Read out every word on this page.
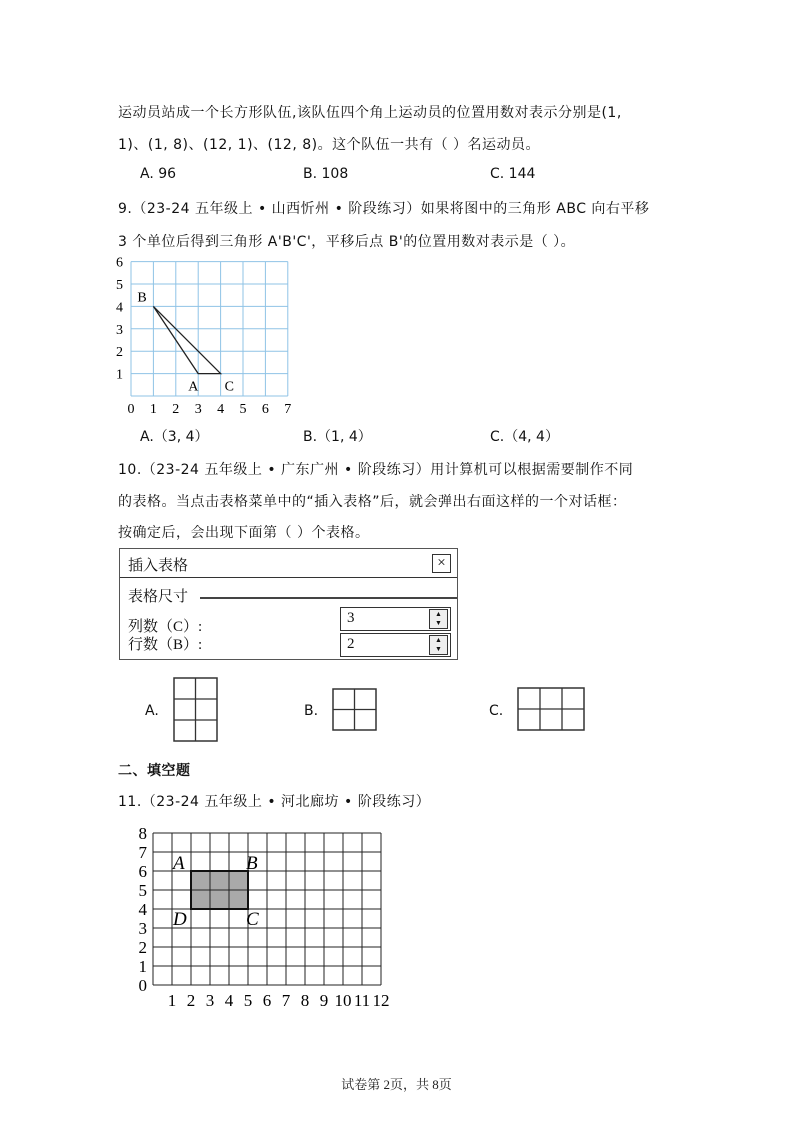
运动员站成一个长方形队伍,该队伍四个角上运动员的位置用数对表示分别是(1,
1)、(1, 8)、(12, 1)、(12, 8)。这个队伍一共有（ ）名运动员。
A. 96	B. 108	C. 144
9.（23-24 五年级上 • 山西忻州 • 阶段练习）如果将图中的三角形 ABC 向右平移
3 个单位后得到三角形 A'B'C'，平移后点 B'的位置用数对表示是（ ）。
0 1 2 3 4 5 6 7
1
2
3
4
5
6
A
B
C
A.（3, 4）	B.（1, 4）	C.（4, 4）
10.（23-24 五年级上 • 广东广州 • 阶段练习）用计算机可以根据需要制作不同
的表格。当点击表格菜单中的“插入表格”后，就会弹出右面这样的一个对话框：
按确定后，会出现下面第（ ）个表格。
插入表格	×
表格尺寸
列数（C）:
行数（B）:
3	▲
▼
2	▲
▼
A.	B.	C.
二、填空题
11.（23-24 五年级上 • 河北廊坊 • 阶段练习）
1 2 3 4 5 6 7 8 9 10 11 12
0
1
2
3
4
5
6
7
8
A	B
C
D
试卷第 2页，共 8页
